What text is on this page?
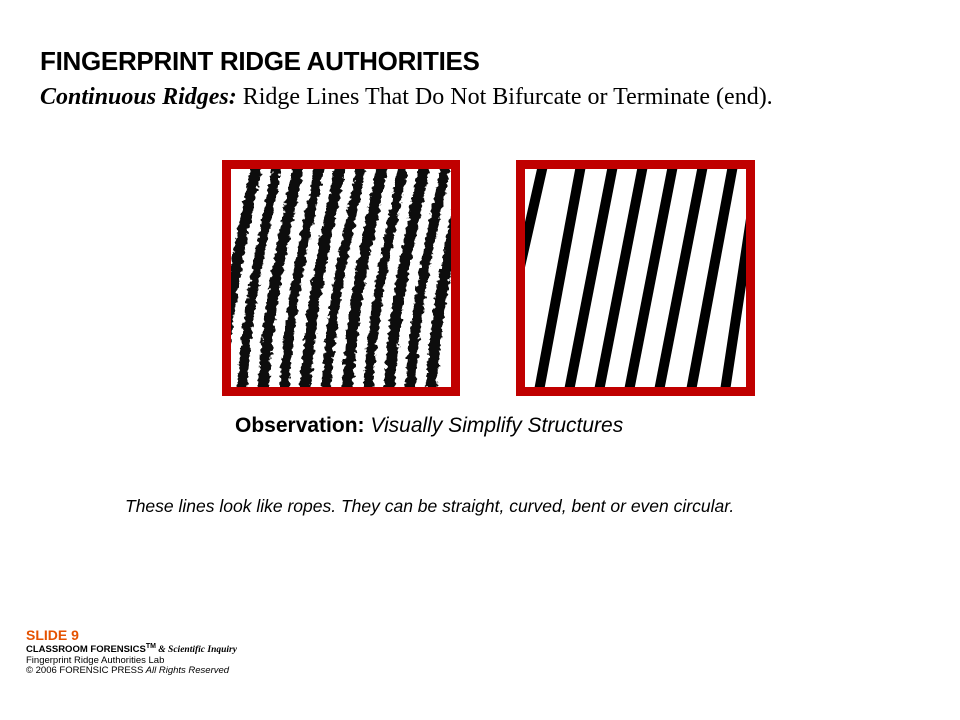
FINGERPRINT RIDGE AUTHORITIES
Continuous Ridges: Ridge Lines That Do Not Bifurcate or Terminate (end).
Observation: Visually Simplify Structures
These lines look like ropes. They can be straight, curved, bent or even circular.
SLIDE 9
CLASSROOM FORENSICS™ & Scientific Inquiry
Fingerprint Ridge Authorities Lab
© 2006 FORENSIC PRESS All Rights Reserved
